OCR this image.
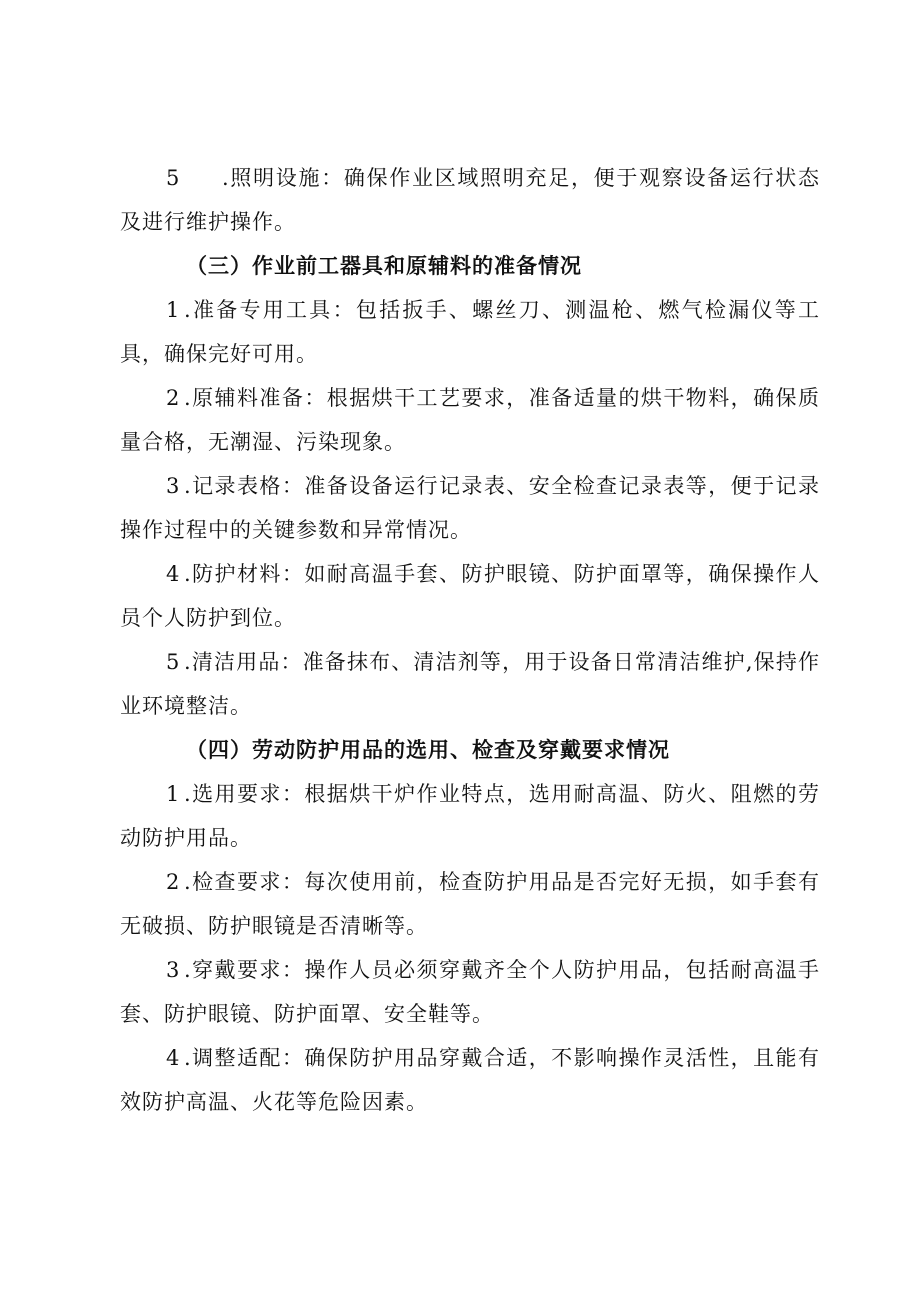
5 .照明设施：确保作业区域照明充足，便于观察设备运行状态及进行维护操作。

（三）作业前工器具和原辅料的准备情况

1 .准备专用工具：包括扳手、螺丝刀、测温枪、燃气检漏仪等工具，确保完好可用。

2 .原辅料准备：根据烘干工艺要求，准备适量的烘干物料，确保质量合格，无潮湿、污染现象。

3 .记录表格：准备设备运行记录表、安全检查记录表等，便于记录操作过程中的关键参数和异常情况。

4 .防护材料：如耐高温手套、防护眼镜、防护面罩等，确保操作人员个人防护到位。

5 .清洁用品：准备抹布、清洁剂等，用于设备日常清洁维护,保持作业环境整洁。

（四）劳动防护用品的选用、检查及穿戴要求情况

1 .选用要求：根据烘干炉作业特点，选用耐高温、防火、阻燃的劳动防护用品。

2 .检查要求：每次使用前，检查防护用品是否完好无损，如手套有无破损、防护眼镜是否清晰等。

3 .穿戴要求：操作人员必须穿戴齐全个人防护用品，包括耐高温手套、防护眼镜、防护面罩、安全鞋等。

4 .调整适配：确保防护用品穿戴合适，不影响操作灵活性，且能有效防护高温、火花等危险因素。
